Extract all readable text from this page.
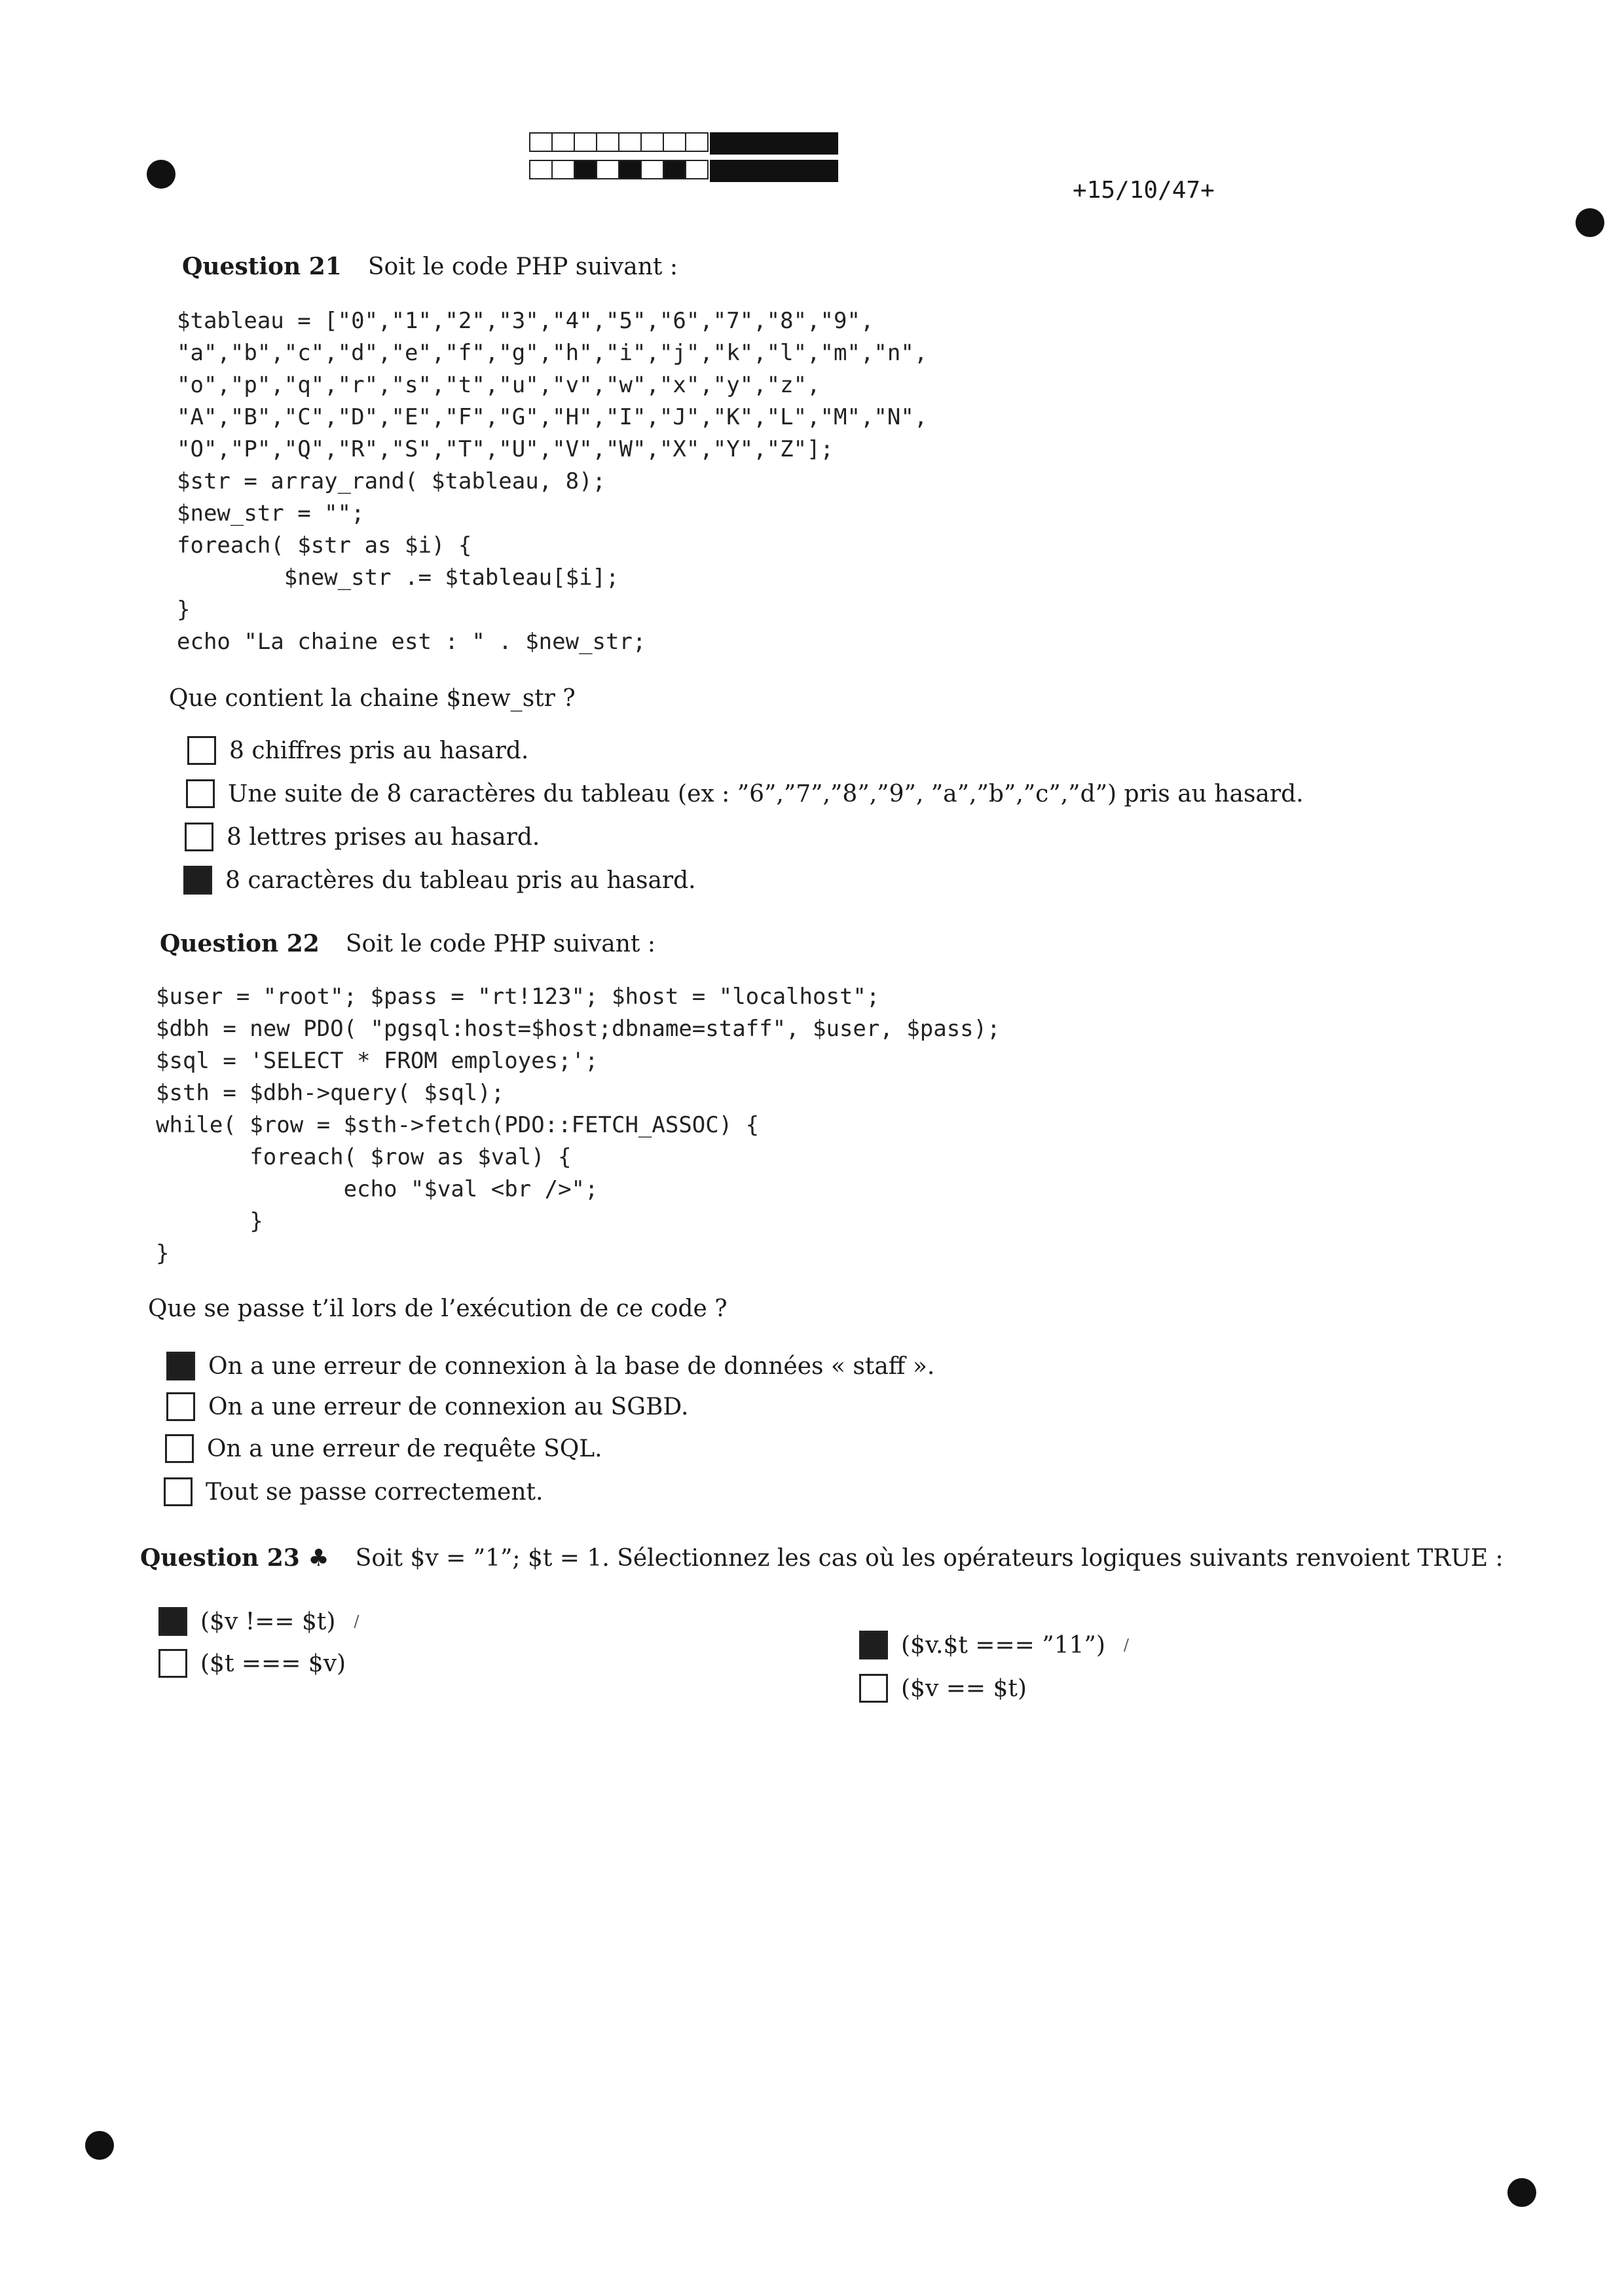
+15/10/47+
Question 21 Soit le code PHP suivant :
$tableau = ["0","1","2","3","4","5","6","7","8","9",
"a","b","c","d","e","f","g","h","i","j","k","l","m","n",
"o","p","q","r","s","t","u","v","w","x","y","z",
"A","B","C","D","E","F","G","H","I","J","K","L","M","N",
"O","P","Q","R","S","T","U","V","W","X","Y","Z"];
$str = array_rand( $tableau, 8);
$new_str = "";
foreach( $str as $i) {
$new_str .= $tableau[$i];
}
echo "La chaine est : " . $new_str;
Que contient la chaine $new_str ?
8 chiffres pris au hasard.
Une suite de 8 caractères du tableau (ex : ”6”,”7”,”8”,”9”, ”a”,”b”,”c”,”d”) pris au hasard.
8 lettres prises au hasard.
8 caractères du tableau pris au hasard.
Question 22 Soit le code PHP suivant :
$user = "root"; $pass = "rt!123"; $host = "localhost";
$dbh = new PDO( "pgsql:host=$host;dbname=staff", $user, $pass);
$sql = 'SELECT * FROM employes;';
$sth = $dbh->query( $sql);
while( $row = $sth->fetch(PDO::FETCH_ASSOC) {
foreach( $row as $val) {
echo "$val <br />";
}
}
Que se passe t’il lors de l’exécution de ce code ?
On a une erreur de connexion à la base de données « staff ».
On a une erreur de connexion au SGBD.
On a une erreur de requête SQL.
Tout se passe correctement.
Question 23 ♣ Soit $v = ”1”; $t = 1. Sélectionnez les cas où les opérateurs logiques suivants renvoient TRUE :
($v !== $t) /
($t === $v)
($v.$t === ”11”) /
($v == $t)
